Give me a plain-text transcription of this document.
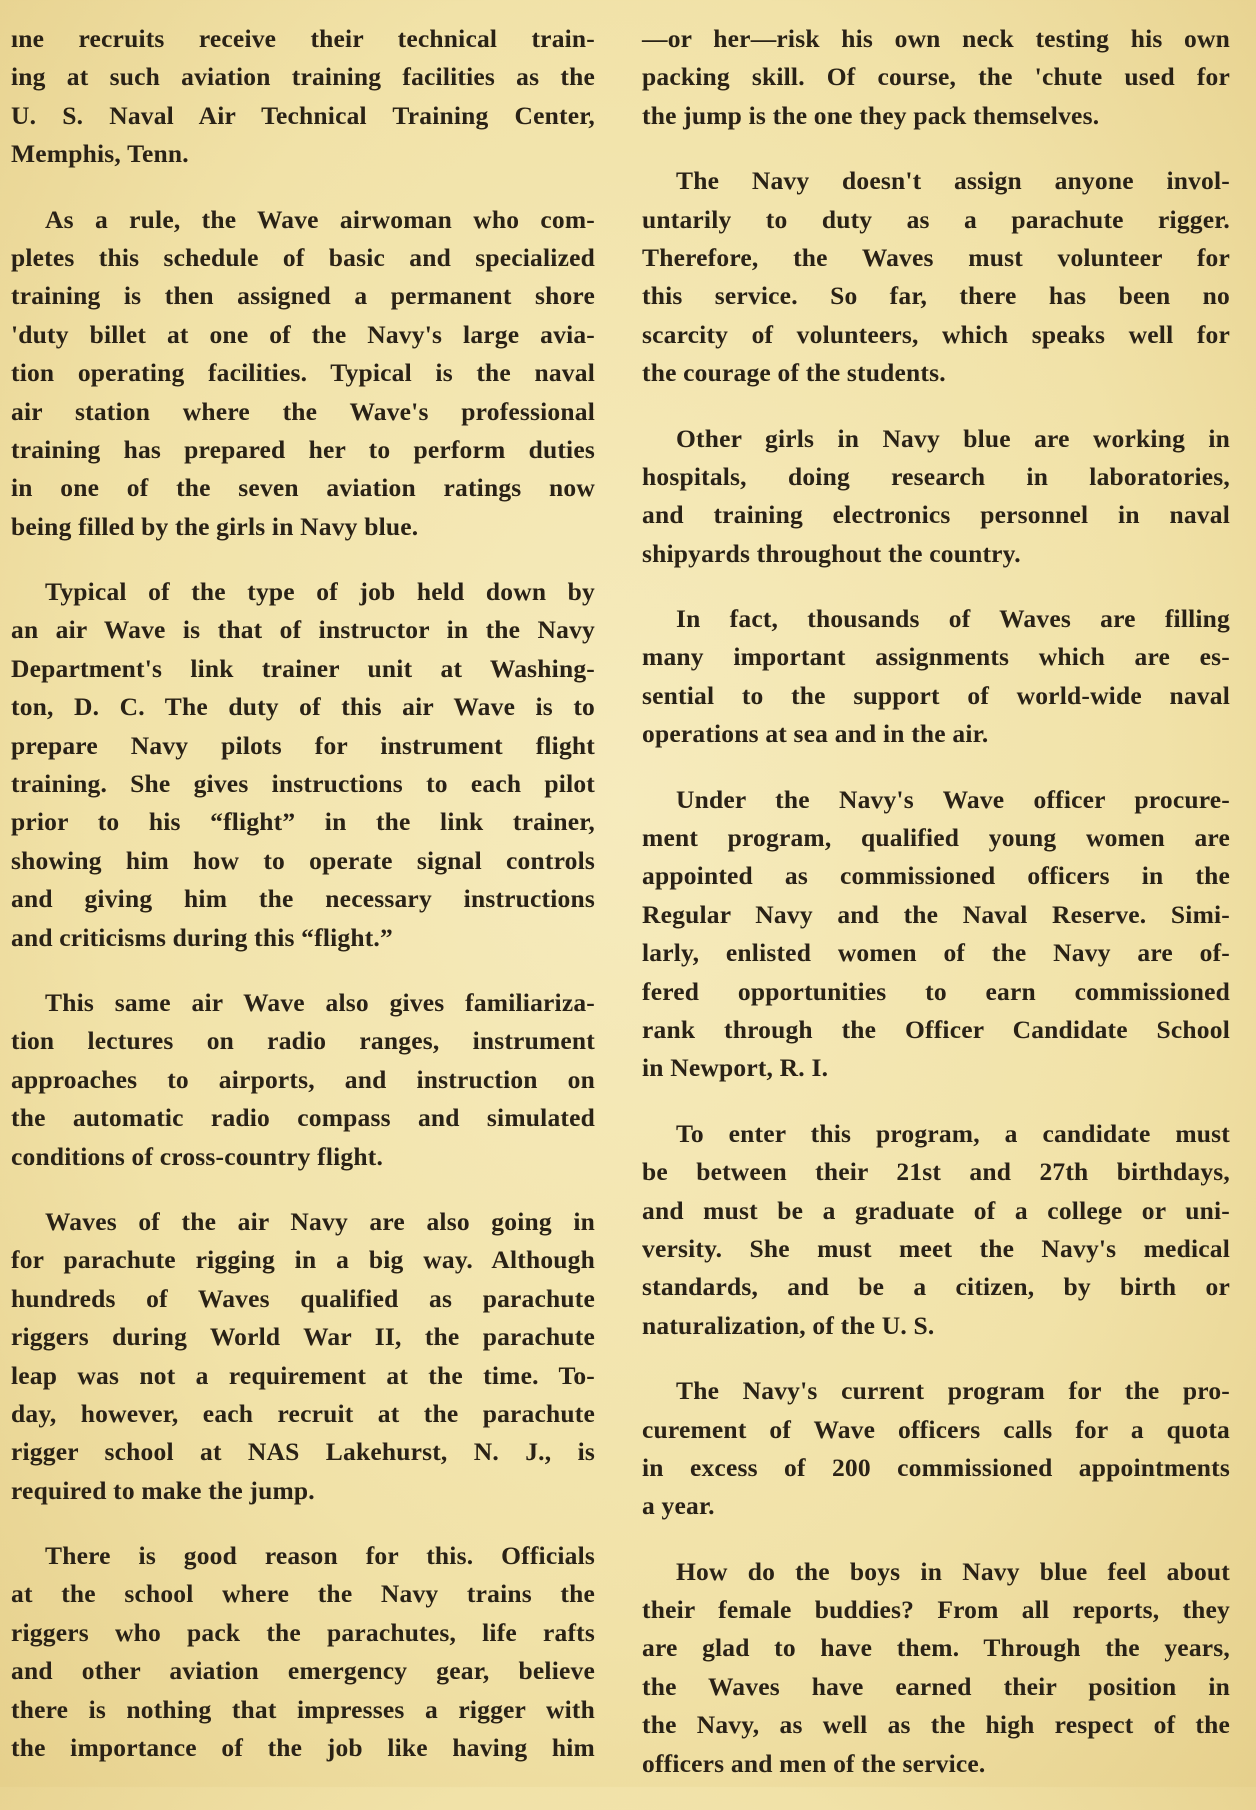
ıne recruits receive their technical train-
ing at such aviation training facilities as the
U. S. Naval Air Technical Training Center,
Memphis, Tenn.
As a rule, the Wave airwoman who com-
pletes this schedule of basic and specialized
training is then assigned a permanent shore
'duty billet at one of the Navy's large avia-
tion operating facilities. Typical is the naval
air station where the Wave's professional
training has prepared her to perform duties
in one of the seven aviation ratings now
being filled by the girls in Navy blue.
Typical of the type of job held down by
an air Wave is that of instructor in the Navy
Department's link trainer unit at Washing-
ton, D. C. The duty of this air Wave is to
prepare Navy pilots for instrument flight
training. She gives instructions to each pilot
prior to his “flight” in the link trainer,
showing him how to operate signal controls
and giving him the necessary instructions
and criticisms during this “flight.”
This same air Wave also gives familiariza-
tion lectures on radio ranges, instrument
approaches to airports, and instruction on
the automatic radio compass and simulated
conditions of cross-country flight.
Waves of the air Navy are also going in
for parachute rigging in a big way. Although
hundreds of Waves qualified as parachute
riggers during World War II, the parachute
leap was not a requirement at the time. To-
day, however, each recruit at the parachute
rigger school at NAS Lakehurst, N. J., is
required to make the jump.
There is good reason for this. Officials
at the school where the Navy trains the
riggers who pack the parachutes, life rafts
and other aviation emergency gear, believe
there is nothing that impresses a rigger with
the importance of the job like having him
—or her—risk his own neck testing his own
packing skill. Of course, the 'chute used for
the jump is the one they pack themselves.
The Navy doesn't assign anyone invol-
untarily to duty as a parachute rigger.
Therefore, the Waves must volunteer for
this service. So far, there has been no
scarcity of volunteers, which speaks well for
the courage of the students.
Other girls in Navy blue are working in
hospitals, doing research in laboratories,
and training electronics personnel in naval
shipyards throughout the country.
In fact, thousands of Waves are filling
many important assignments which are es-
sential to the support of world-wide naval
operations at sea and in the air.
Under the Navy's Wave officer procure-
ment program, qualified young women are
appointed as commissioned officers in the
Regular Navy and the Naval Reserve. Simi-
larly, enlisted women of the Navy are of-
fered opportunities to earn commissioned
rank through the Officer Candidate School
in Newport, R. I.
To enter this program, a candidate must
be between their 21st and 27th birthdays,
and must be a graduate of a college or uni-
versity. She must meet the Navy's medical
standards, and be a citizen, by birth or
naturalization, of the U. S.
The Navy's current program for the pro-
curement of Wave officers calls for a quota
in excess of 200 commissioned appointments
a year.
How do the boys in Navy blue feel about
their female buddies? From all reports, they
are glad to have them. Through the years,
the Waves have earned their position in
the Navy, as well as the high respect of the
officers and men of the service.
